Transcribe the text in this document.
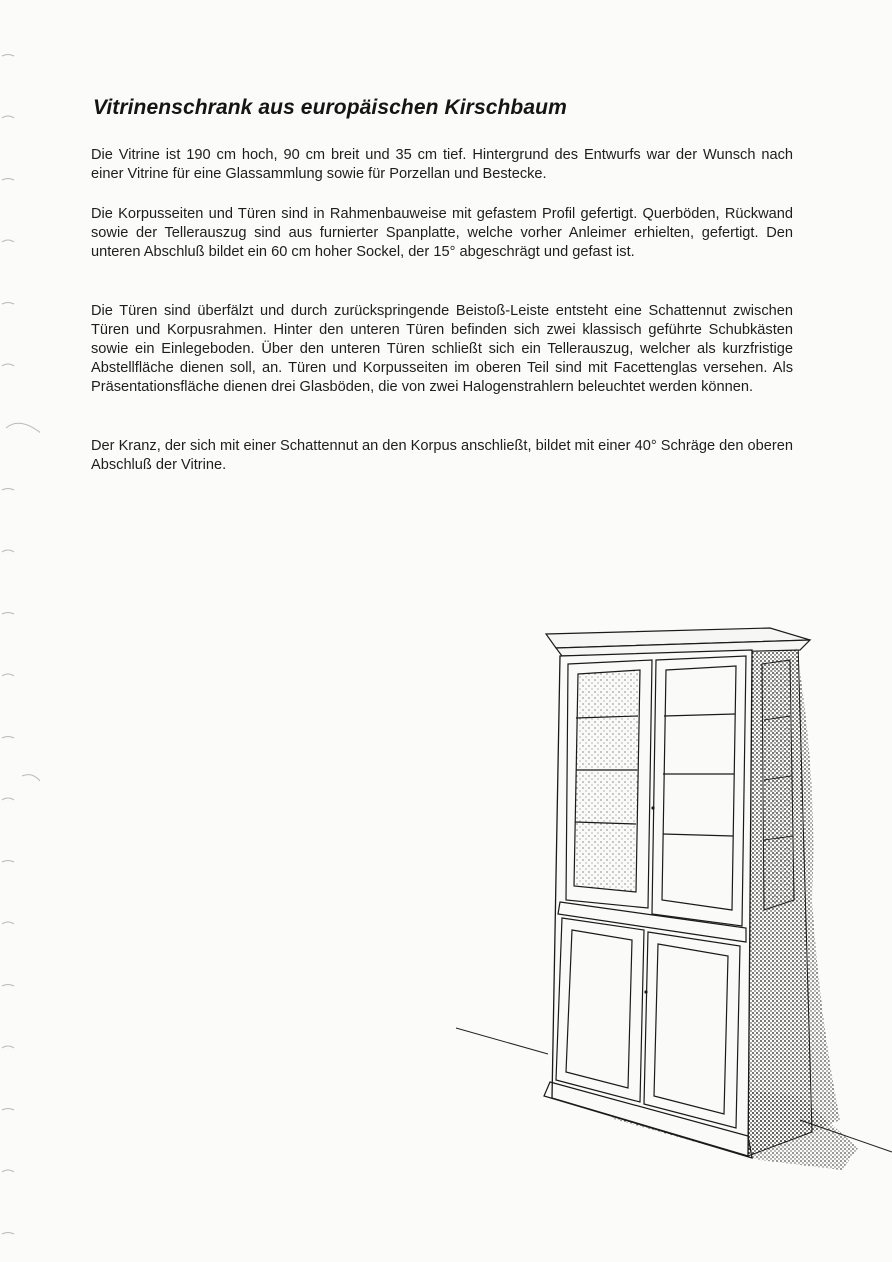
Vitrinenschrank aus europäischen Kirschbaum

Die Vitrine ist 190 cm hoch, 90 cm breit und 35 cm tief. Hintergrund des Entwurfs war der Wunsch nach einer Vitrine für eine Glassammlung sowie für Porzellan und Bestecke.

Die Korpusseiten und Türen sind in Rahmenbauweise mit gefastem Profil gefertigt. Querböden, Rückwand sowie der Tellerauszug sind aus furnierter Spanplatte, welche vorher Anleimer erhielten, gefertigt. Den unteren Abschluß bildet ein 60 cm hoher Sockel, der 15° abgeschrägt und gefast ist.

Die Türen sind überfälzt und durch zurückspringende Beistoß-Leiste entsteht eine Schattennut zwischen Türen und Korpusrahmen. Hinter den unteren Türen befinden sich zwei klassisch geführte Schubkästen sowie ein Einlegeboden. Über den unteren Türen schließt sich ein Tellerauszug, welcher als kurzfristige Abstellfläche dienen soll, an. Türen und Korpusseiten im oberen Teil sind mit Facettenglas versehen. Als Präsentationsfläche dienen drei Glasböden, die von zwei Halogenstrahlern beleuchtet werden können.

Der Kranz, der sich mit einer Schattennut an den Korpus anschließt, bildet mit einer 40° Schräge den oberen Abschluß der Vitrine.
